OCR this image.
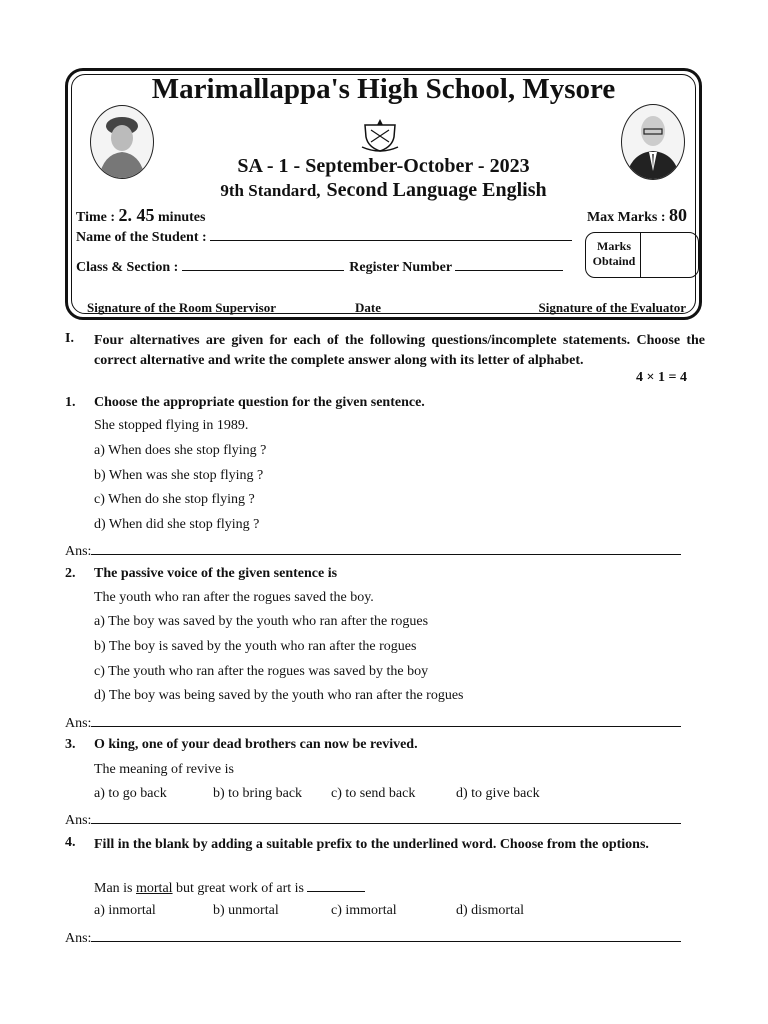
Marimallappa's High School, Mysore
SA - 1 - September-October - 2023
9th Standard, Second Language English
Time : 2. 45 minutes	Max Marks : 80
Name of the Student :
Class & Section :	Register Number
Marks
Obtaind
Signature of the Room Supervisor	Date	Signature of the Evaluator
I. Four alternatives are given for each of the following questions/incomplete statements. Choose the correct alternative and write the complete answer along with its letter of alphabet.
4 × 1 = 4
1. Choose the appropriate question for the given sentence.
She stopped flying in 1989.
a) When does she stop flying ?
b) When was she stop flying ?
c) When do she stop flying ?
d) When did she stop flying ?
Ans:
2. The passive voice of the given sentence is
The youth who ran after the rogues saved the boy.
a) The boy was saved by the youth who ran after the rogues
b) The boy is saved by the youth who ran after the rogues
c) The youth who ran after the rogues was saved by the boy
d) The boy was being saved by the youth who ran after the rogues
Ans:
3. O king, one of your dead brothers can now be revived.
The meaning of revive is
a) to go back	b) to bring back c) to send back	d) to give back
Ans:
4. Fill in the blank by adding a suitable prefix to the underlined word. Choose from the options.
Man is mortal but great work of art is
a) inmortal	b) unmortal	c) immortal	d) dismortal
Ans:
